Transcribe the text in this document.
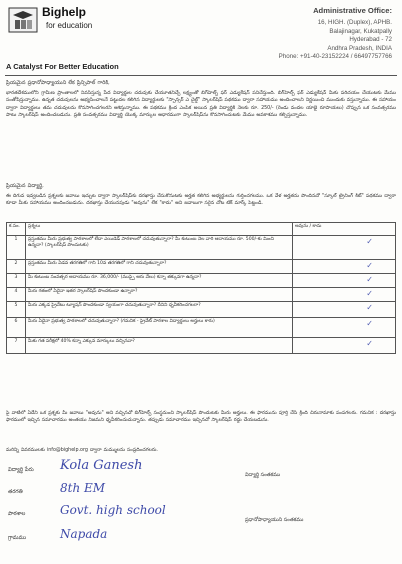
Bighelp
for education
Administrative Office:
16, HIGH. (Duplex), APHB.
Balajinagar, Kukatpally
Hyderabad - 72
Andhra Pradesh, INDIA
Phone: +91-40-23152224 / 66497757766
A Catalyst For Better Education
ప్రియమైన ప్రధానోపాధ్యాయుని లేక ప్రిన్సిపాల్ గారికి,
భారతదేశములోని గ్రామీణ ప్రాంతాలలో నివసిస్తున్న పేద విద్యార్థుల చదువుకు చేయూతనిచ్చే లక్ష్యంతో బిగ్‌హెల్ప్ ఫర్ ఎడ్యుకేషన్ పనిచేస్తుంది. బిగ్‌హెల్ప్ ఫర్ ఎడ్యుకేషన్ మీకు పరిచయం చేయుటకు మేము సంతోషిస్తున్నాము. ఉన్నత చదువులను అభ్యసించాలనే పట్టుదల కలిగిన విద్యార్థులకు "స్పాన్సర్ ఎ చైల్డ్" స్కాలర్‌షిప్ పథకము ద్వారా సహాయము అందించాలని నిర్ణయించి ముందుకు వస్తున్నాము. ఈ సహాయం ద్వారా విద్యార్థులు తమ చదువులను కొనసాగించగలరని ఆశిస్తున్నాము. ఈ పథకము క్రింద ఎంపిక అయిన ప్రతి విద్యార్థికి నెలకు రూ. 250/- (రెండు వందల యాభై రూపాయలు) చొప్పున ఒక సంవత్సరము పాటు స్కాలర్‌షిప్ అందించబడును. ప్రతి సంవత్సరము విద్యార్థి యొక్క మార్కుల ఆధారముగా స్కాలర్‌షిప్‌ను కొనసాగించుటకు మేము అవకాశము కల్పిస్తున్నాము.
ప్రియమైన విద్యార్థి,
ఈ దిగువ ఇవ్వబడిన ప్రశ్నలకు జవాబు ఇచ్చుట ద్వారా స్కాలర్‌షిప్‌కు దరఖాస్తు చేసుకొనుటకు అర్హత కలిగిన అభ్యర్థులను గుర్తించగలము. ఒక వేళ అర్హతను పొందినచో "స్కూల్ ట్రైనింగ్ కిట్" పథకము ద్వారా కూడా మీకు సహాయము అందించబడును. దరఖాస్తు చేయునపుడు "అవును" లేక "కాదు" అని జవాబుగా సరైన చోట టిక్ మార్క్ పెట్టండి.
క.సం.	ప్రశ్నలు	అవును / కాదు
1	ప్రస్తుతము మీరు ప్రభుత్వ పాఠశాలలో లేదా ఎయిడెడ్ పాఠశాలలో చదువుతున్నారా? మీ కుటుంబ నెల వారి ఆదాయము రూ. 500/-కు మించి ఉన్నదా? (స్కాలర్‌షిప్ పొందుటకు)	✓

2	ప్రస్తుతము మీరు ఏడవ తరగతిలో గాని 10వ తరగతిలో గాని చదువుతున్నారా?	✓

3	మీ కుటుంబ సంవత్సర ఆదాయము రూ. 36,000/- (ముప్పై ఆరు వేలు) కన్నా తక్కువగా ఉన్నదా?	✓

4	మీరు గతంలో ఏదైనా ఇతర స్కాలర్‌షిప్ పొందకుండా ఉన్నారా?	✓

5	మీరు ఎక్కడ ప్రైవేటు ట్యూషన్ పొందకుండా స్వయంగా చదువుతున్నారా? దీనిని ధృవీకరించగలరా?	✓

6	మీరు ఏదైనా ప్రభుత్వ పాఠశాలలో చదువుతున్నారా? (గమనిక - ప్రైవేట్ పాఠశాల విద్యార్థులు అర్హులు కారు)	✓

7	మీకు గత పరీక్షలో 40% కన్నా ఎక్కువ మార్కులు వచ్చినవా?	✓
పై వాటిలో ఏదేని ఒక ప్రశ్నకు మీ జవాబు "అవును" అని వచ్చినచో బిగ్‌హెల్ప్ సంస్థనుంచి స్కాలర్‌షిప్ పొందుటకు మీరు అర్హులు. ఈ ఫారమును పూర్తి చేసి క్రింది చిరునామాకు పంపగలరు. గమనిక : దరఖాస్తు ఫారములో ఇచ్చిన సమాచారము అంతయు నిజమని ధృవీకరించుచున్నాను. తప్పుడు సమాచారము ఇచ్చినచో స్కాలర్‌షిప్ రద్దు చేయబడును.
మరిన్ని వివరములకు info@bighelp.org ద్వారా మమ్ములను సంప్రదించగలరు.
విద్యార్థి పేరు Kola Ganesh
తరగతి	8th EM
పాఠశాల	Govt. high school
గ్రామము	Napada
విద్యార్థి సంతకము
ప్రధానోపాధ్యాయుని సంతకము
